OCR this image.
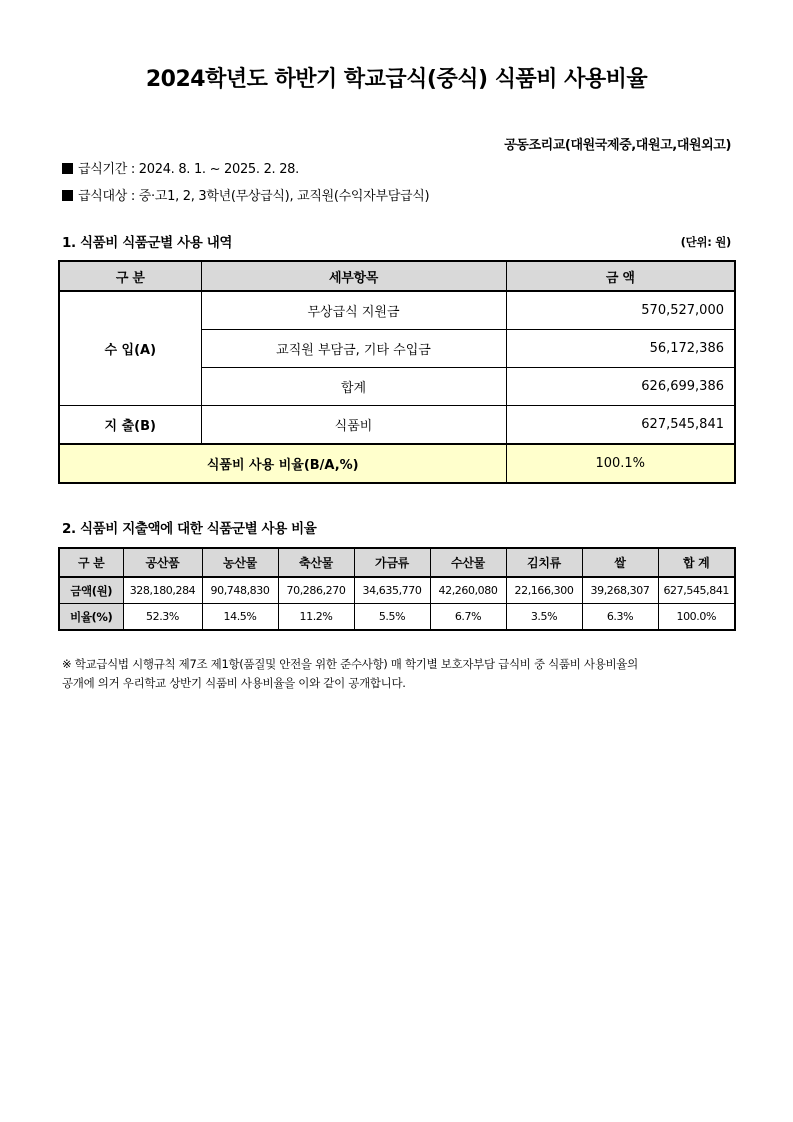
2024학년도 하반기 학교급식(중식) 식품비 사용비율
공동조리교(대원국제중,대원고,대원외고)
급식기간 : 2024. 8. 1. ~ 2025. 2. 28.
급식대상 : 중·고1, 2, 3학년(무상급식), 교직원(수익자부담급식)
1. 식품비 식품군별 사용 내역	(단위: 원)
구 분	세부항목	금 액
수 입(A)	무상급식 지원금	570,527,000
	교직원 부담금, 기타 수입금	56,172,386
	합계	626,699,386
지 출(B)	식품비	627,545,841
식품비 사용 비율(B/A,%)		100.1%
2. 식품비 지출액에 대한 식품군별 사용 비율
구 분	공산품	농산물	축산물	가금류	수산물	김치류	쌀	합 계
금액(원)	328,180,284	90,748,830	70,286,270	34,635,770	42,260,080	22,166,300	39,268,307	627,545,841
비율(%)	52.3%	14.5%	11.2%	5.5%	6.7%	3.5%	6.3%	100.0%
※ 학교급식법 시행규칙 제7조 제1항(품질및 안전을 위한 준수사항) 매 학기별 보호자부담 급식비 중 식품비 사용비율의
공개에 의거 우리학교 상반기 식품비 사용비율을 이와 같이 공개합니다.
